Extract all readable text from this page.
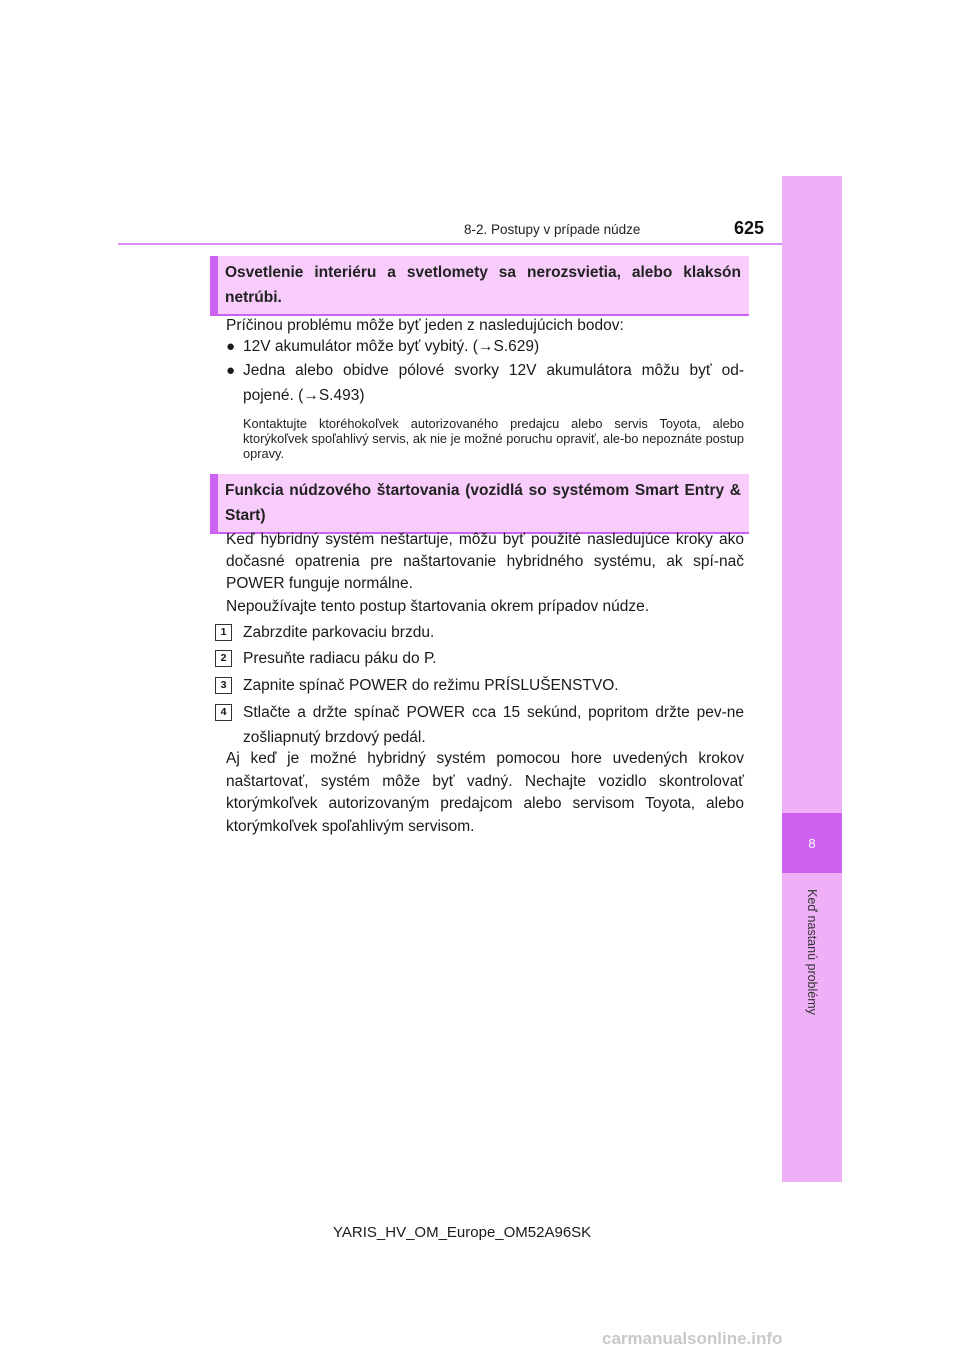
8-2. Postupy v prípade núdze	625
8
Keď nastanú problémy
Osvetlenie interiéru a svetlomety sa nerozsvietia, alebo klaksón netrúbi.
Príčinou problému môže byť jeden z nasledujúcich bodov:
● 12V akumulátor môže byť vybitý. (→S.629)
● Jedna alebo obidve pólové svorky 12V akumulátora môžu byť od-pojené. (→S.493)
Kontaktujte ktoréhokoľvek autorizovaného predajcu alebo servis Toyota, alebo ktorýkoľvek spoľahlivý servis, ak nie je možné poruchu opraviť, ale-bo nepoznáte postup opravy.
Funkcia núdzového štartovania (vozidlá so systémom Smart Entry & Start)
Keď hybridný systém neštartuje, môžu byť použité nasledujúce kroky ako dočasné opatrenia pre naštartovanie hybridného systému, ak spí-nač POWER funguje normálne.
Nepoužívajte tento postup štartovania okrem prípadov núdze.
1	Zabrzdite parkovaciu brzdu.
2	Presuňte radiacu páku do P.
3	Zapnite spínač POWER do režimu PRÍSLUŠENSTVO.
4	Stlačte a držte spínač POWER cca 15 sekúnd, popritom držte pev-ne zošliapnutý brzdový pedál.
Aj keď je možné hybridný systém pomocou hore uvedených krokov naštartovať, systém môže byť vadný. Nechajte vozidlo skontrolovať ktorýmkoľvek autorizovaným predajcom alebo servisom Toyota, alebo ktorýmkoľvek spoľahlivým servisom.
YARIS_HV_OM_Europe_OM52A96SK
carmanualsonline.info
